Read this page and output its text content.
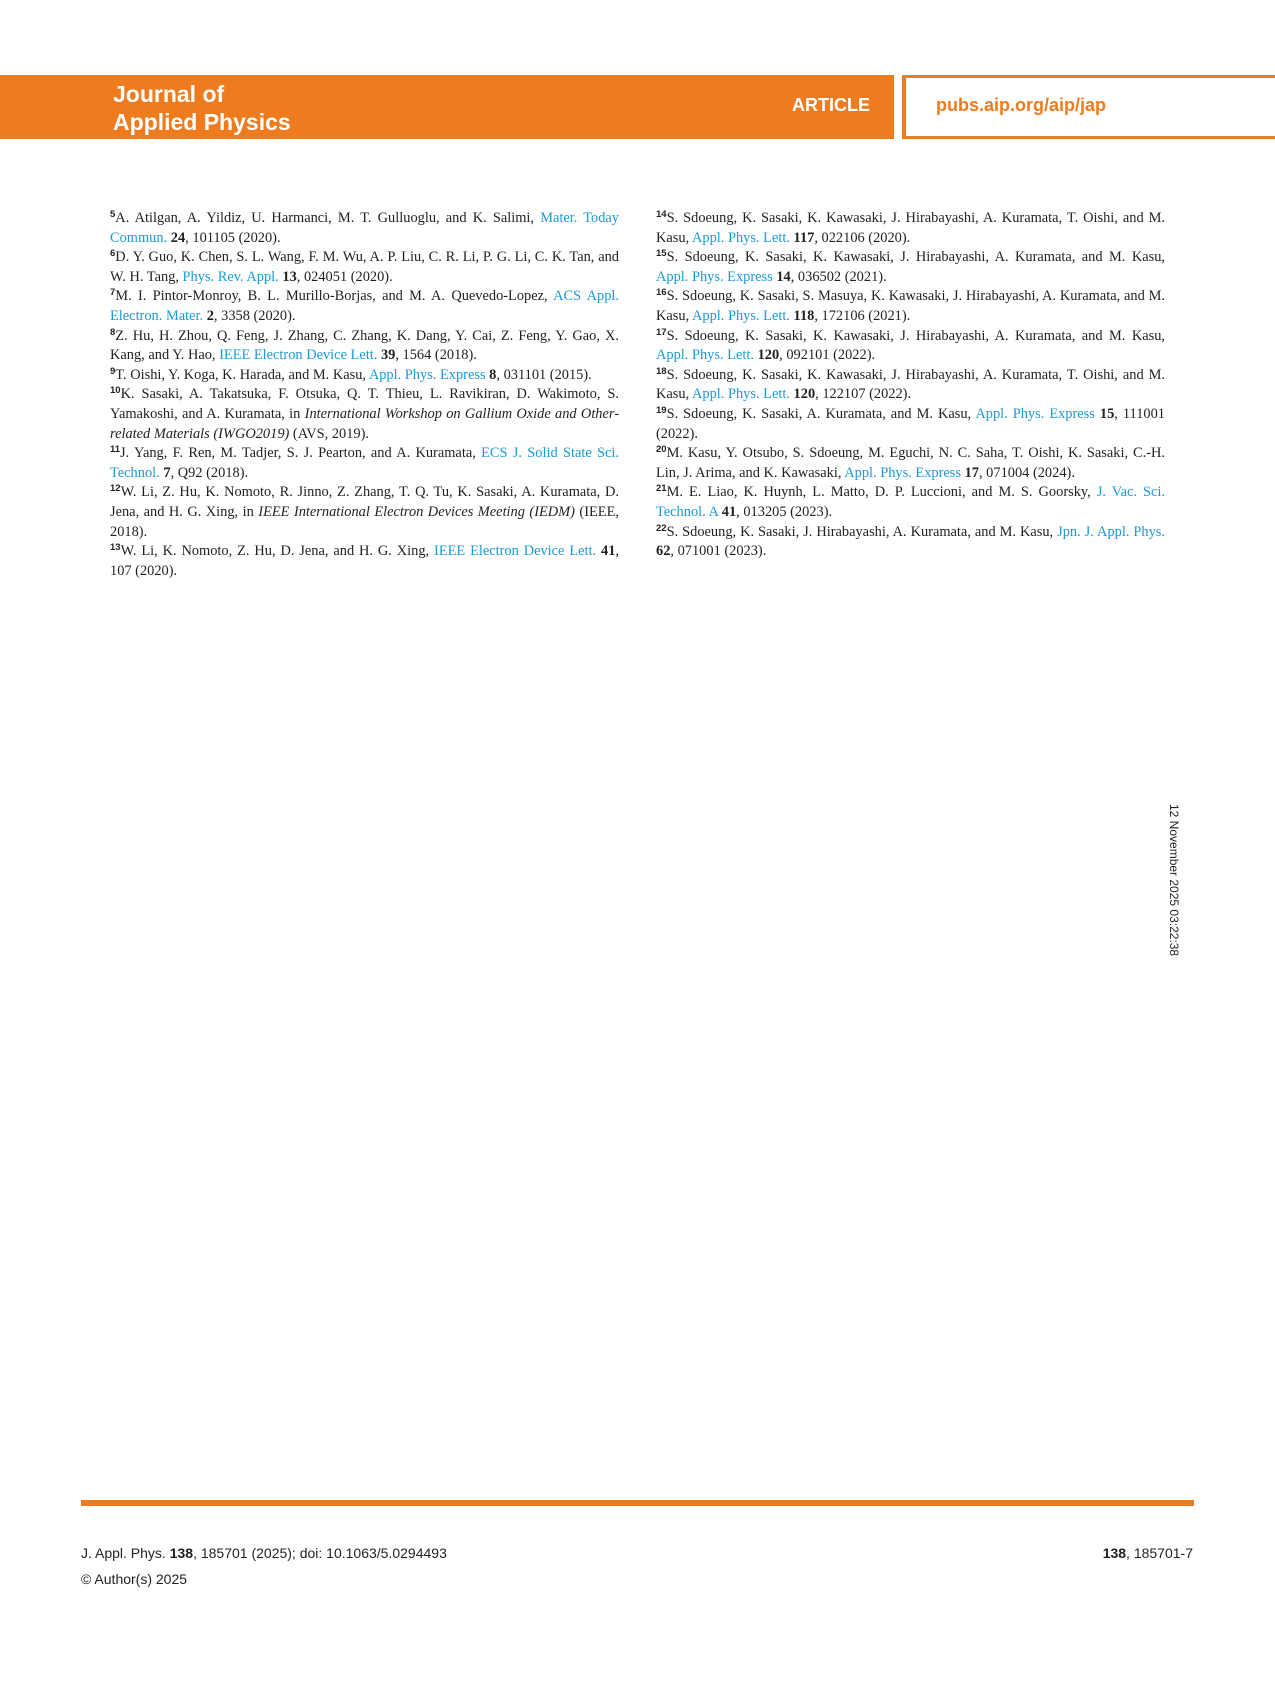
Journal of
Applied Physics
ARTICLE	pubs.aip.org/aip/jap

$^5$A. Atilgan, A. Yildiz, U. Harmanci, M. T. Gulluoglu, and K. Salimi, Mater. Today Commun. 24, 101105 (2020).

$^6$D. Y. Guo, K. Chen, S. L. Wang, F. M. Wu, A. P. Liu, C. R. Li, P. G. Li, C. K. Tan, and W. H. Tang, Phys. Rev. Appl. 13, 024051 (2020).

$^7$M. I. Pintor-Monroy, B. L. Murillo-Borjas, and M. A. Quevedo-Lopez, ACS Appl. Electron. Mater. 2, 3358 (2020).

$^8$Z. Hu, H. Zhou, Q. Feng, J. Zhang, C. Zhang, K. Dang, Y. Cai, Z. Feng, Y. Gao, X. Kang, and Y. Hao, IEEE Electron Device Lett. 39, 1564 (2018).

$^9$T. Oishi, Y. Koga, K. Harada, and M. Kasu, Appl. Phys. Express 8, 031101 (2015).

$^{10}$K. Sasaki, A. Takatsuka, F. Otsuka, Q. T. Thieu, L. Ravikiran, D. Wakimoto, S. Yamakoshi, and A. Kuramata, in International Workshop on Gallium Oxide and Other-related Materials (IWGO2019) (AVS, 2019).

$^{11}$J. Yang, F. Ren, M. Tadjer, S. J. Pearton, and A. Kuramata, ECS J. Solid State Sci. Technol. 7, Q92 (2018).

$^{12}$W. Li, Z. Hu, K. Nomoto, R. Jinno, Z. Zhang, T. Q. Tu, K. Sasaki, A. Kuramata, D. Jena, and H. G. Xing, in IEEE International Electron Devices Meeting (IEDM) (IEEE, 2018).

$^{13}$W. Li, K. Nomoto, Z. Hu, D. Jena, and H. G. Xing, IEEE Electron Device Lett. 41, 107 (2020).

$^{14}$S. Sdoeung, K. Sasaki, K. Kawasaki, J. Hirabayashi, A. Kuramata, T. Oishi, and M. Kasu, Appl. Phys. Lett. 117, 022106 (2020).

$^{15}$S. Sdoeung, K. Sasaki, K. Kawasaki, J. Hirabayashi, A. Kuramata, and M. Kasu, Appl. Phys. Express 14, 036502 (2021).

$^{16}$S. Sdoeung, K. Sasaki, S. Masuya, K. Kawasaki, J. Hirabayashi, A. Kuramata, and M. Kasu, Appl. Phys. Lett. 118, 172106 (2021).

$^{17}$S. Sdoeung, K. Sasaki, K. Kawasaki, J. Hirabayashi, A. Kuramata, and M. Kasu, Appl. Phys. Lett. 120, 092101 (2022).

$^{18}$S. Sdoeung, K. Sasaki, K. Kawasaki, J. Hirabayashi, A. Kuramata, T. Oishi, and M. Kasu, Appl. Phys. Lett. 120, 122107 (2022).

$^{19}$S. Sdoeung, K. Sasaki, A. Kuramata, and M. Kasu, Appl. Phys. Express 15, 111001 (2022).

$^{20}$M. Kasu, Y. Otsubo, S. Sdoeung, M. Eguchi, N. C. Saha, T. Oishi, K. Sasaki, C.-H. Lin, J. Arima, and K. Kawasaki, Appl. Phys. Express 17, 071004 (2024).

$^{21}$M. E. Liao, K. Huynh, L. Matto, D. P. Luccioni, and M. S. Goorsky, J. Vac. Sci. Technol. A 41, 013205 (2023).

$^{22}$S. Sdoeung, K. Sasaki, J. Hirabayashi, A. Kuramata, and M. Kasu, Jpn. J. Appl. Phys. 62, 071001 (2023).

12 November 2025 03:22:38
J. Appl. Phys. 138, 185701 (2025); doi: 10.1063/5.0294493
© Author(s) 2025
138, 185701-7
